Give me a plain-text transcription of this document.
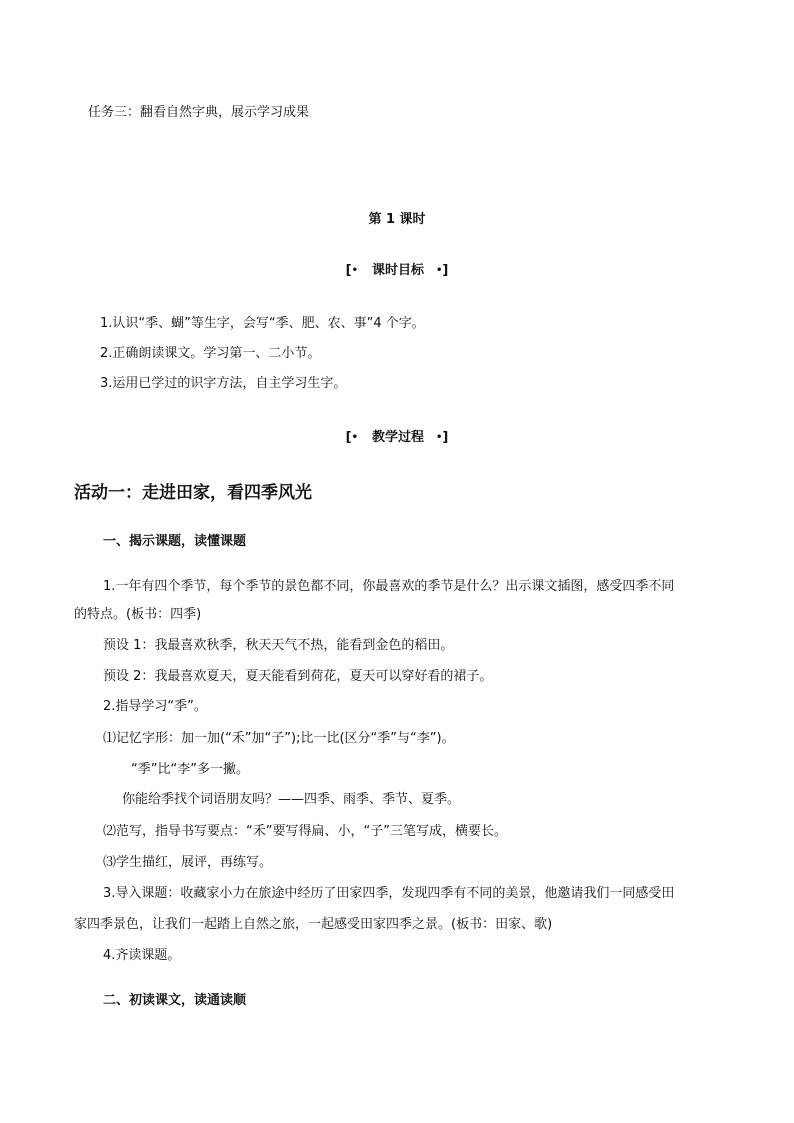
任务三：翻看自然字典，展示学习成果
第 1 课时
[• 课时目标 •]
1.认识“季、蝴”等生字，会写“季、肥、农、事”4 个字。
2.正确朗读课文。学习第一、二小节。
3.运用已学过的识字方法，自主学习生字。
[• 教学过程 •]
活动一：走进田家，看四季风光
一、揭示课题，读懂课题
1.一年有四个季节，每个季节的景色都不同，你最喜欢的季节是什么？出示课文插图，感受四季不同
的特点。(板书：四季)
预设 1：我最喜欢秋季，秋天天气不热，能看到金色的稻田。
预设 2：我最喜欢夏天，夏天能看到荷花，夏天可以穿好看的裙子。
2.指导学习“季”。
⑴记忆字形：加一加(“禾”加“子”);比一比(区分“季”与“李”)。
“季”比“李”多一撇。
你能给季找个词语朋友吗？——四季、雨季、季节、夏季。
⑵范写，指导书写要点：“禾”要写得扁、小，“子”三笔写成，横要长。
⑶学生描红，展评，再练写。
3.导入课题：收藏家小力在旅途中经历了田家四季，发现四季有不同的美景，他邀请我们一同感受田
家四季景色，让我们一起踏上自然之旅，一起感受田家四季之景。(板书：田家、歌)
4.齐读课题。
二、初读课文，读通读顺
